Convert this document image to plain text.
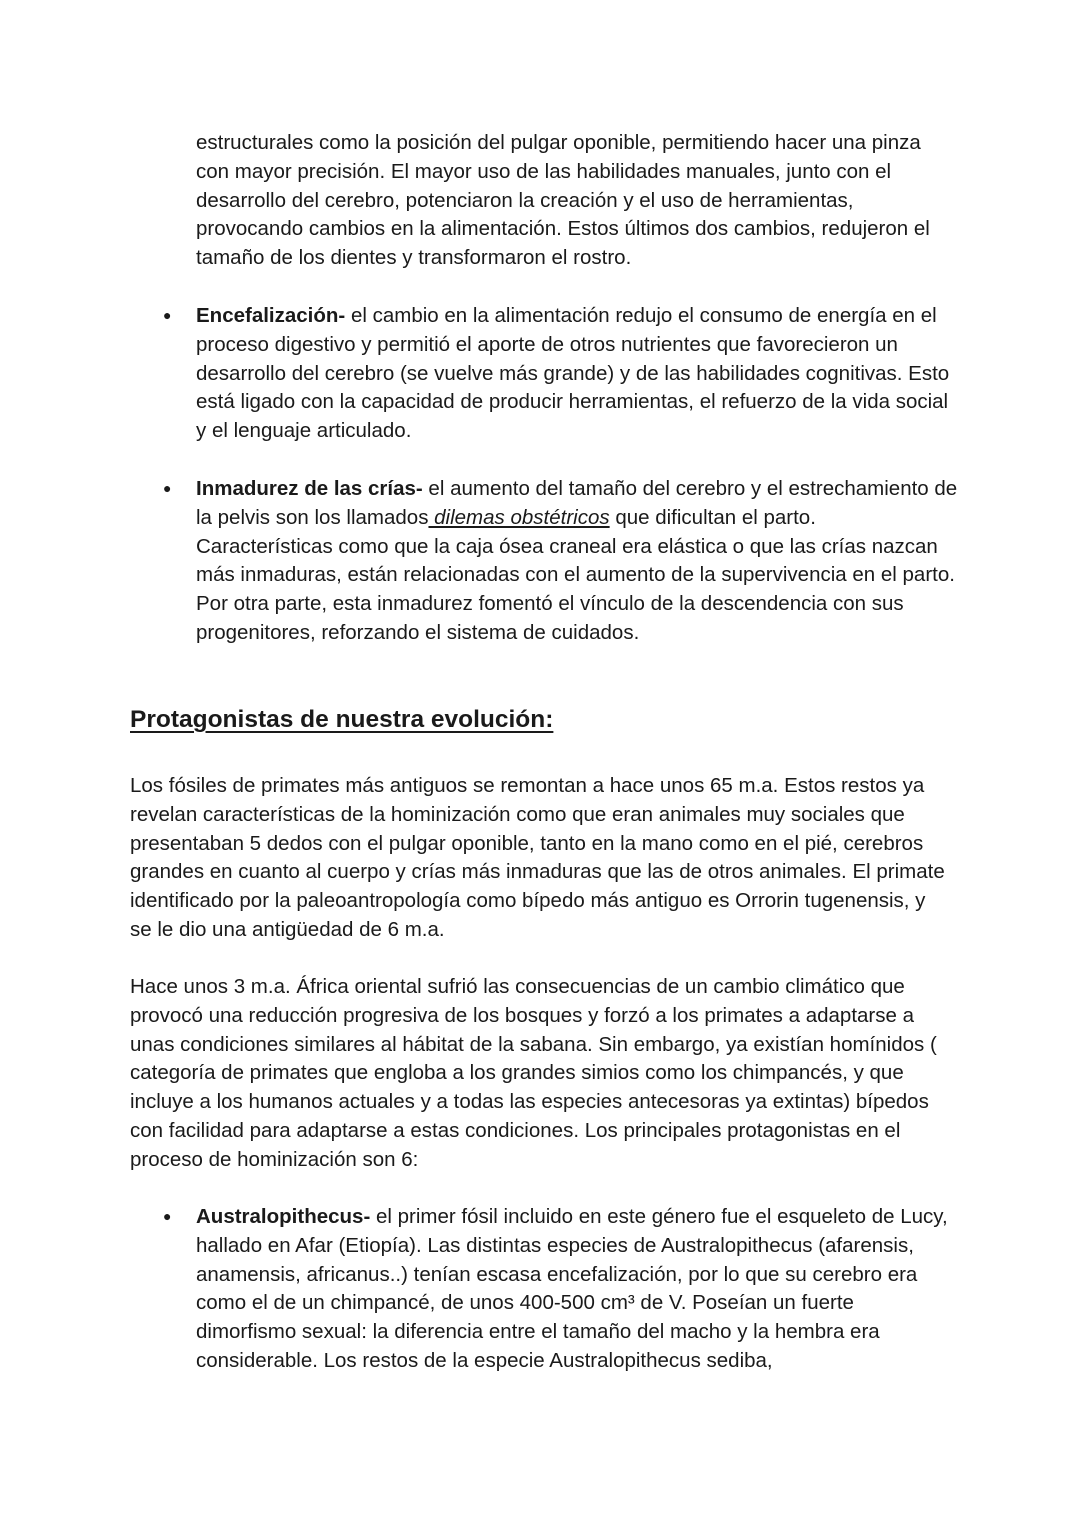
estructurales como la posición del pulgar oponible, permitiendo hacer una pinza con mayor precisión. El mayor uso de las habilidades manuales, junto con el desarrollo del cerebro, potenciaron la creación y el uso de herramientas, provocando cambios en la alimentación. Estos últimos dos cambios, redujeron el tamaño de los dientes y transformaron el rostro.

●

Encefalización- el cambio en la alimentación redujo el consumo de energía en el proceso digestivo y permitió el aporte de otros nutrientes que favorecieron un desarrollo del cerebro (se vuelve más grande) y de las habilidades cognitivas. Esto está ligado con la capacidad de producir herramientas, el refuerzo de la vida social y el lenguaje articulado.

●

Inmadurez de las crías- el aumento del tamaño del cerebro y el estrechamiento de la pelvis son los llamados dilemas obstétricos que dificultan el parto. Características como que la caja ósea craneal era elástica o que las crías nazcan más inmaduras, están relacionadas con el aumento de la supervivencia en el parto. Por otra parte, esta inmadurez fomentó el vínculo de la descendencia con sus progenitores, reforzando el sistema de cuidados.

Protagonistas de nuestra evolución:

Los fósiles de primates más antiguos se remontan a hace unos 65 m.a. Estos restos ya revelan características de la hominización como que eran animales muy sociales que presentaban 5 dedos con el pulgar oponible, tanto en la mano como en el pié, cerebros grandes en cuanto al cuerpo y crías más inmaduras que las de otros animales. El primate identificado por la paleoantropología como bípedo más antiguo es Orrorin tugenensis, y se le dio una antigüedad de 6 m.a.

Hace unos 3 m.a. África oriental sufrió las consecuencias de un cambio climático que provocó una reducción progresiva de los bosques y forzó a los primates a adaptarse a unas condiciones similares al hábitat de la sabana. Sin embargo, ya existían homínidos ( categoría de primates que engloba a los grandes simios como los chimpancés, y que incluye a los humanos actuales y a todas las especies antecesoras ya extintas) bípedos con facilidad para adaptarse a estas condiciones. Los principales protagonistas en el proceso de hominización son 6:

●

Australopithecus- el primer fósil incluido en este género fue el esqueleto de Lucy, hallado en Afar (Etiopía). Las distintas especies de Australopithecus (afarensis, anamensis, africanus..) tenían escasa encefalización, por lo que su cerebro era como el de un chimpancé, de unos 400-500 cm³ de V. Poseían un fuerte dimorfismo sexual: la diferencia entre el tamaño del macho y la hembra era considerable. Los restos de la especie Australopithecus sediba,
